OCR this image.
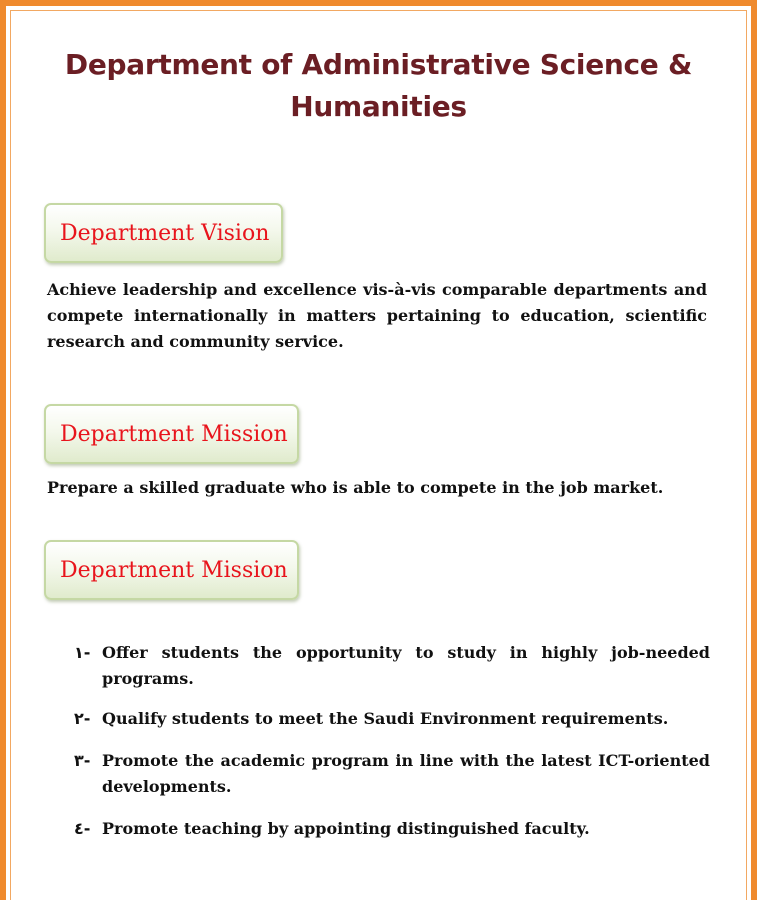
Department of Administrative Science & Humanities
Department Vision

Achieve leadership and excellence vis-à-vis comparable departments and compete internationally in matters pertaining to education, scientific research and community service.

Department Mission

Prepare a skilled graduate who is able to compete in the job market.

Department Mission
١- Offer students the opportunity to study in highly job-needed programs.
٢- Qualify students to meet the Saudi Environment requirements.
٣- Promote the academic program in line with the latest ICT-oriented developments.
٤- Promote teaching by appointing distinguished faculty.
